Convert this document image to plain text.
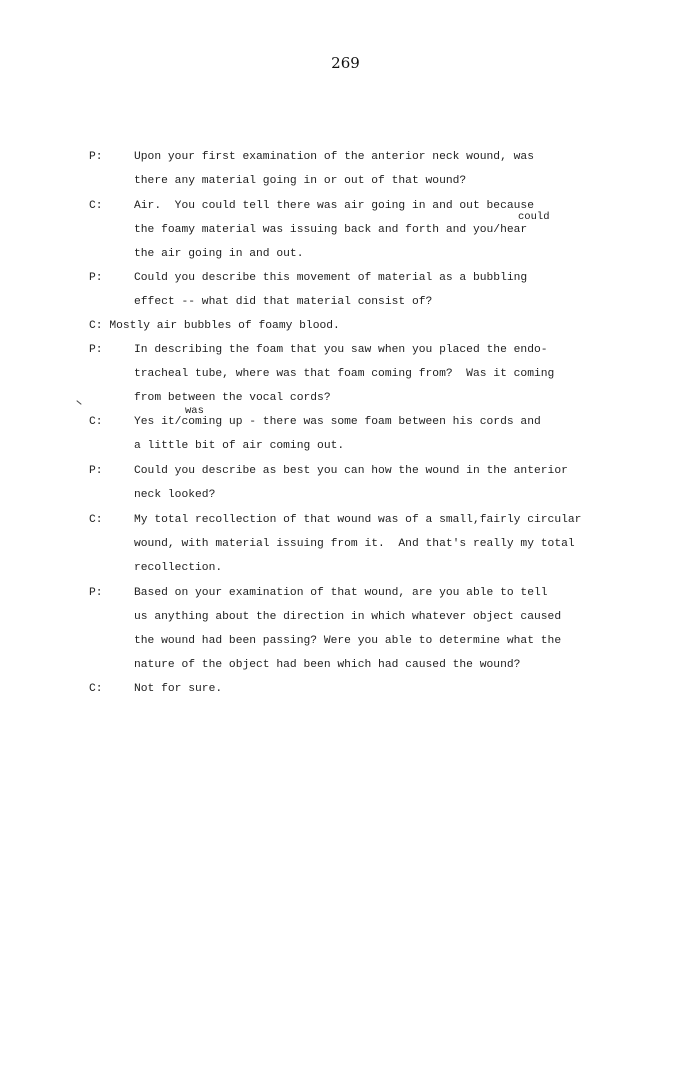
269
P:	Upon your first examination of the anterior neck wound, was
there any material going in or out of that wound?
C:	Air.  You could tell there was air going in and out because
could
the foamy material was issuing back and forth and you/hear
the air going in and out.
P:	Could you describe this movement of material as a bubbling
effect -- what did that material consist of?
C: Mostly air bubbles of foamy blood.
P:	In describing the foam that you saw when you placed the endo-
tracheal tube, where was that foam coming from?  Was it coming
from between the vocal cords?
C:
was
Yes it/coming up - there was some foam between his cords and
a little bit of air coming out.
P:	Could you describe as best you can how the wound in the anterior
neck looked?
C:	My total recollection of that wound was of a small,fairly circular
wound, with material issuing from it.  And that's really my total
recollection.
P:	Based on your examination of that wound, are you able to tell
us anything about the direction in which whatever object caused
the wound had been passing? Were you able to determine what the
nature of the object had been which had caused the wound?
C:	Not for sure.
